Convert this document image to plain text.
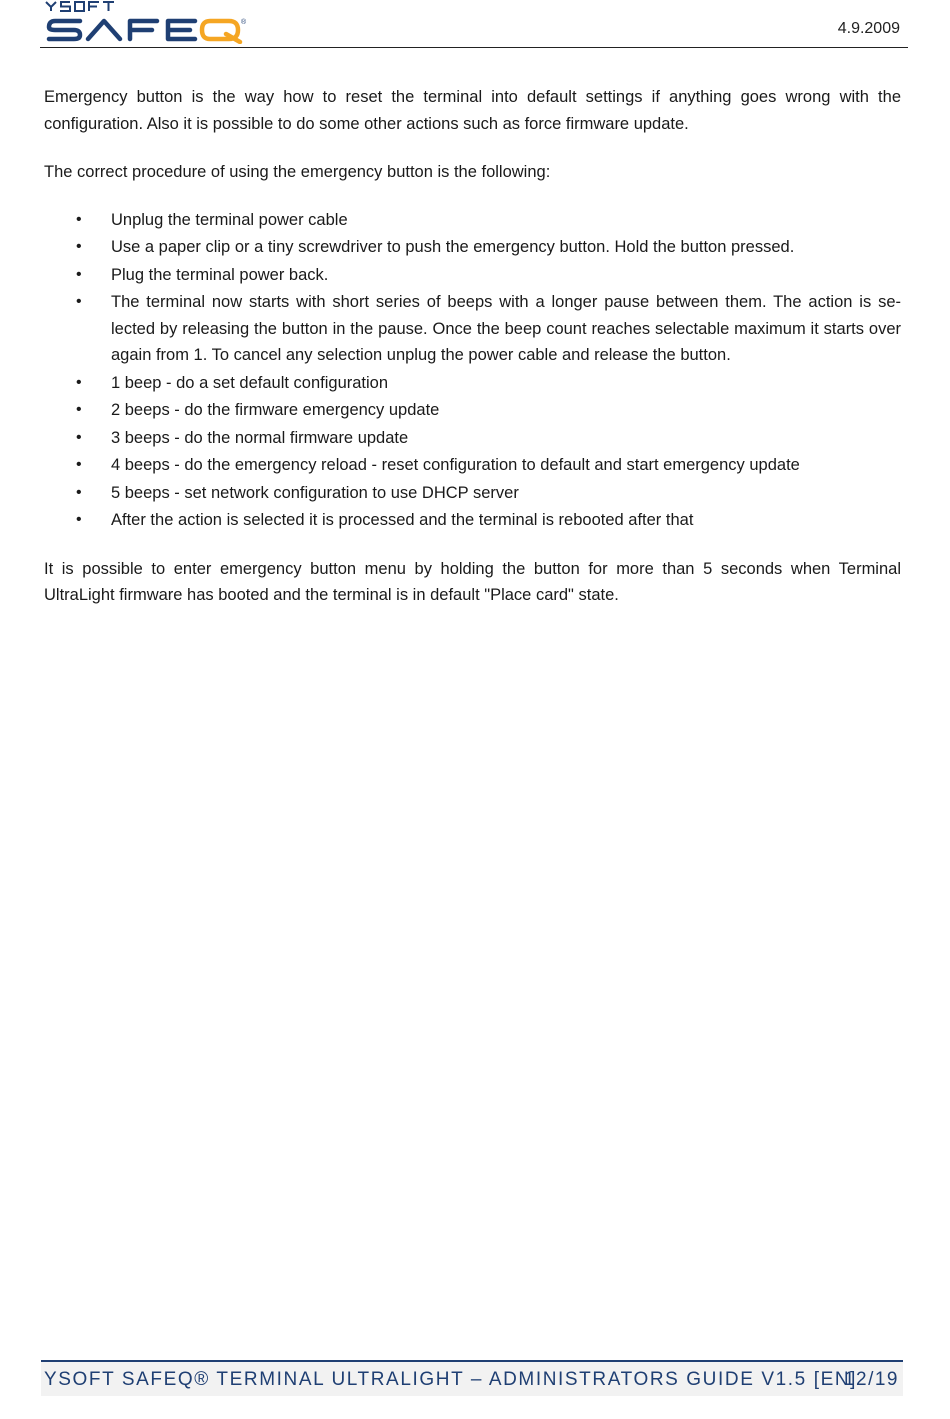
®	4.9.2009

Emergency button is the way how to reset the terminal into default settings if anything goes wrong with the configuration. Also it is possible to do some other actions such as force firmware update.

The correct procedure of using the emergency button is the following:

• Unplug the terminal power cable
• Use a paper clip or a tiny screwdriver to push the emergency button. Hold the button pressed.
• Plug the terminal power back.
• The terminal now starts with short series of beeps with a longer pause between them. The action is se-lected by releasing the button in the pause. Once the beep count reaches selectable maximum it starts over again from 1. To cancel any selection unplug the power cable and release the button.
• 1 beep - do a set default configuration
• 2 beeps - do the firmware emergency update
• 3 beeps - do the normal firmware update
• 4 beeps - do the emergency reload - reset configuration to default and start emergency update
• 5 beeps - set network configuration to use DHCP server
• After the action is selected it is processed and the terminal is rebooted after that

It is possible to enter emergency button menu by holding the button for more than 5 seconds when Terminal UltraLight firmware has booted and the terminal is in default "Place card" state.

YSOFT SAFEQ® TERMINAL ULTRALIGHT – ADMINISTRATORS GUIDE V1.5 [EN]
12/19
